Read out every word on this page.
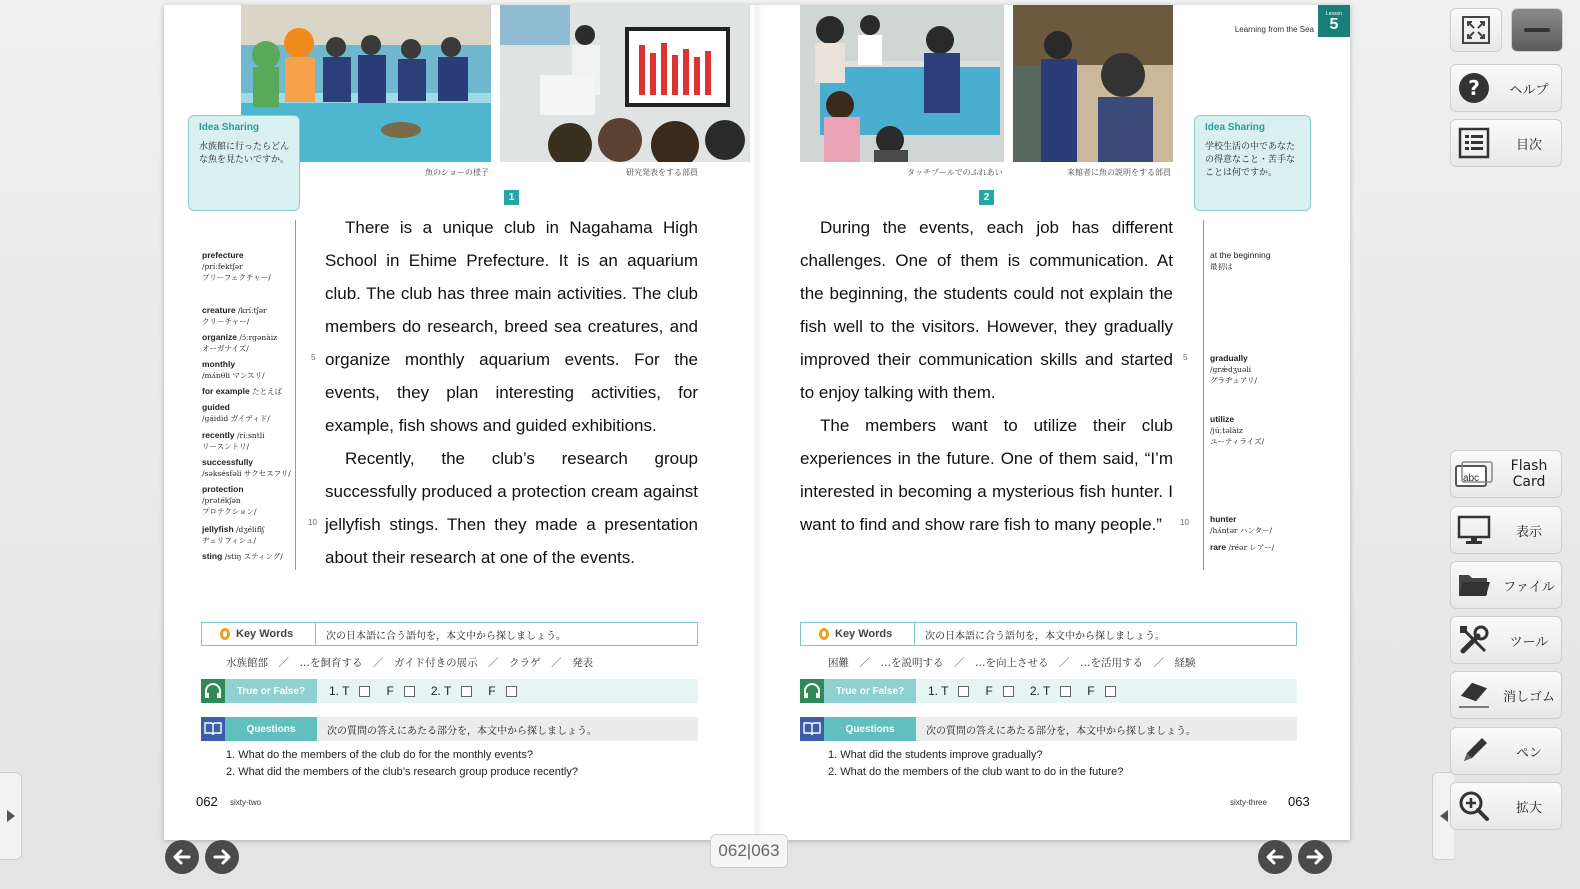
魚のショーの様子	研究発表をする部員
1
Idea Sharing
水族館に行ったらどんな魚を見たいですか。
prefecture
/príːfektʃər
プリーフェクチャー/
creature /kríːtʃər
クリーチャー/
organize /ɔ́ːrɡənàiz
オーガナイズ/
monthly
/mʌ́nθli マンスリ/
for example たとえば
guided
/ɡáidid ガイディド/
recently /ríːsntli
リースントリ/
successfully
/səksésfəli サクセスフリ/
protection
/prətékʃən
プロテクション/
jellyfish /dʒélifìʃ
ヂェリフィシュ/
sting /stiŋ スティング/
5
10

There is a unique club in Nagahama High School in Ehime Prefecture. It is an aquarium club. The club has three main activities. The club members do research, breed sea creatures, and organize monthly aquarium events. For the events, they plan interesting activities, for example, fish shows and guided exhibitions.

Recently, the club’s research group successfully produced a protection cream against jellyfish stings. Then they made a presentation about their research at one of the events.

Key Words	次の日本語に合う語句を，本文中から探しましょう。
水族館部　／　…を飼育する　／　ガイド付きの展示　／　クラゲ　／　発表
True or False?	1. T	F	2. T	F
Questions	次の質問の答えにあたる部分を，本文中から探しましょう。
1. What do the members of the club do for the monthly events?
2. What did the members of the club’s research group produce recently?
062 sixty-two
タッチプールでのふれあい	来館者に魚の説明をする部員
2
Learning from the Sea
Lesson
5
Idea Sharing
学校生活の中であなたの得意なこと・苦手なことは何ですか。
at the beginning
最初は
gradually
/ɡrǽdʒuəli
グラヂュアリ/
utilize
/júːtəlàiz
ユーティライズ/
hunter
/hʌ́ntər ハンター/
rare /réər レアー/
5
10

During the events, each job has different challenges. One of them is communication. At the beginning, the students could not explain the fish well to the visitors. However, they gradually improved their communication skills and started to enjoy talking with them.

The members want to utilize their club experiences in the future. One of them said, “I’m interested in becoming a mysterious fish hunter. I want to find and show rare fish to many people.”

Key Words	次の日本語に合う語句を，本文中から探しましょう。
困難　／　…を説明する　／　…を向上させる　／　…を活用する　／　経験
True or False?	1. T	F	2. T	F
Questions	次の質問の答えにあたる部分を，本文中から探しましょう。
1. What did the students improve gradually?
2. What do the members of the club want to do in the future?
sixty-three 063
062|063
?	ヘルプ
目次
abc
Flash
Card
表示
ファイル
ツール
消しゴム
ペン
拡大
